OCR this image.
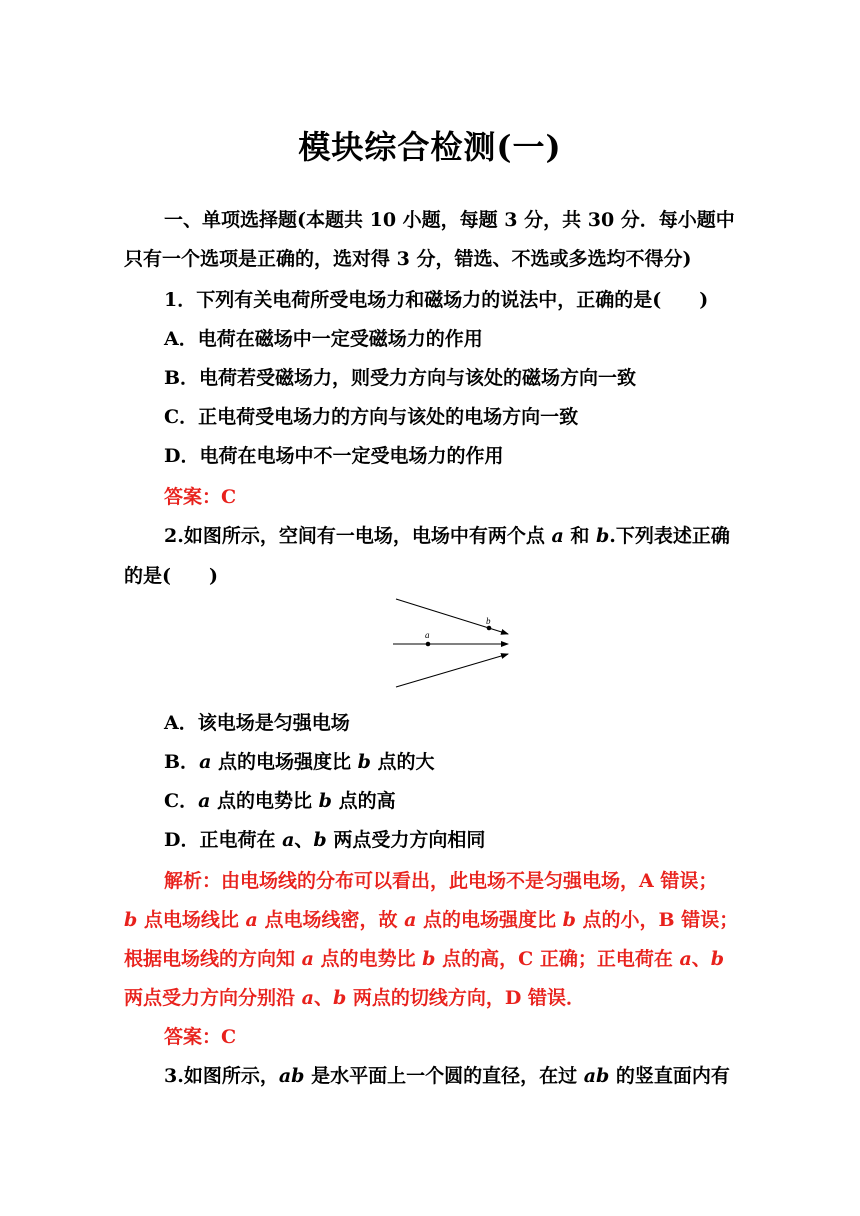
模块综合检测(一)
一、单项选择题(本题共 10 小题，每题 3 分，共 30 分．每小题中
只有一个选项是正确的，选对得 3 分，错选、不选或多选均不得分)
1．下列有关电荷所受电场力和磁场力的说法中，正确的是(　　)
A．电荷在磁场中一定受磁场力的作用
B．电荷若受磁场力，则受力方向与该处的磁场方向一致
C．正电荷受电场力的方向与该处的电场方向一致
D．电荷在电场中不一定受电场力的作用
答案：C
2.如图所示，空间有一电场，电场中有两个点 a 和 b.下列表述正确
的是(　　)
a
b
A．该电场是匀强电场
B．a 点的电场强度比 b 点的大
C．a 点的电势比 b 点的高
D．正电荷在 a、b 两点受力方向相同
解析：由电场线的分布可以看出，此电场不是匀强电场，A 错误；
b 点电场线比 a 点电场线密，故 a 点的电场强度比 b 点的小，B 错误；
根据电场线的方向知 a 点的电势比 b 点的高，C 正确；正电荷在 a、b
两点受力方向分别沿 a、b 两点的切线方向，D 错误．
答案：C
3.如图所示，ab 是水平面上一个圆的直径，在过 ab 的竖直面内有
